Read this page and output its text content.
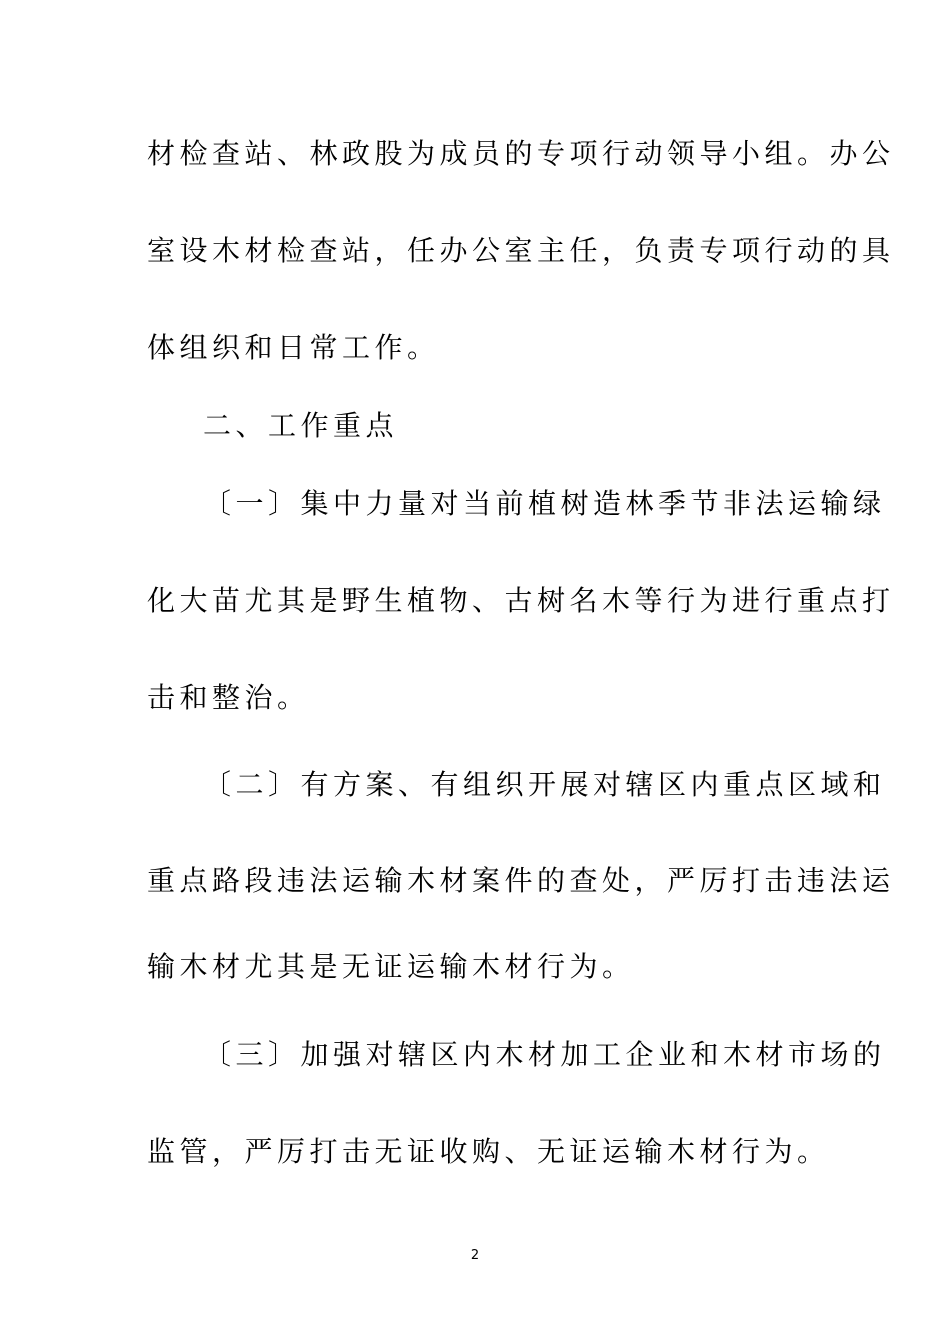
材检查站、林政股为成员的专项行动领导小组。办公
室设木材检查站，任办公室主任，负责专项行动的具
体组织和日常工作。
二、工作重点
〔一〕集中力量对当前植树造林季节非法运输绿
化大苗尤其是野生植物、古树名木等行为进行重点打
击和整治。
〔二〕有方案、有组织开展对辖区内重点区域和
重点路段违法运输木材案件的查处，严厉打击违法运
输木材尤其是无证运输木材行为。
〔三〕加强对辖区内木材加工企业和木材市场的
监管，严厉打击无证收购、无证运输木材行为。
2
